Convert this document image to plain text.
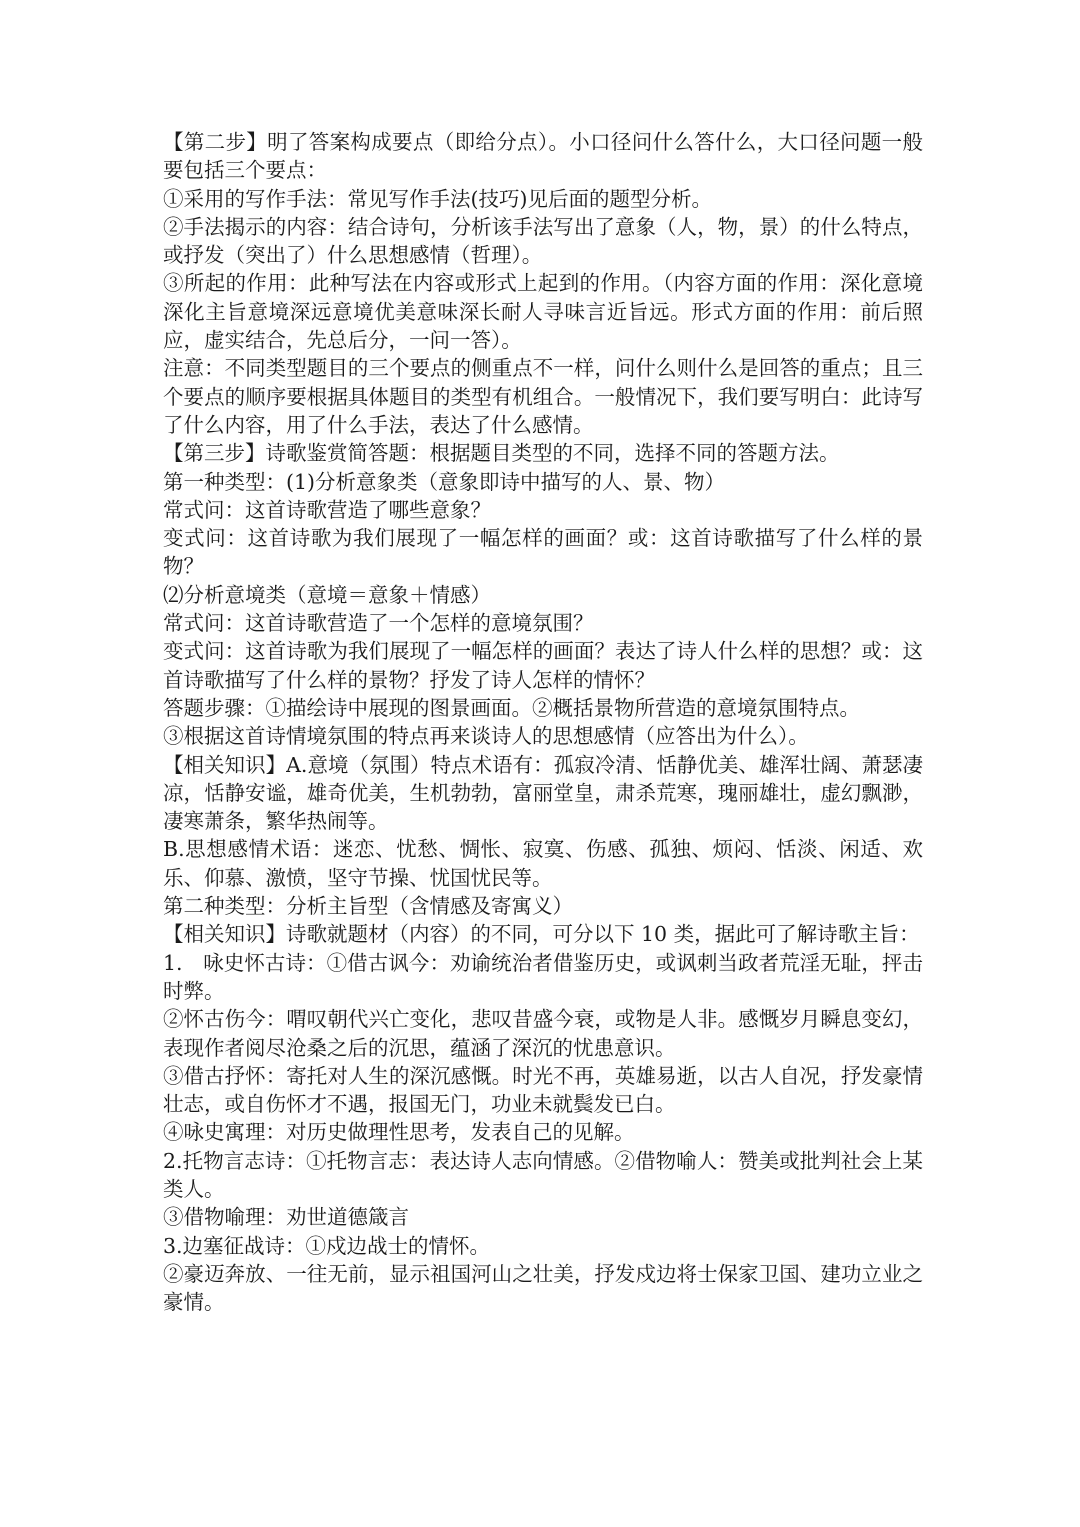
【第二步】明了答案构成要点（即给分点）。小口径问什么答什么，大口径问题一般要包括三个要点：

①采用的写作手法：常见写作手法(技巧)见后面的题型分析。

②手法揭示的内容：结合诗句，分析该手法写出了意象（人，物，景）的什么特点，或抒发（突出了）什么思想感情（哲理）。

③所起的作用：此种写法在内容或形式上起到的作用。（内容方面的作用：深化意境深化主旨意境深远意境优美意味深长耐人寻味言近旨远。形式方面的作用：前后照应，虚实结合，先总后分，一问一答）。

注意：不同类型题目的三个要点的侧重点不一样，问什么则什么是回答的重点；且三个要点的顺序要根据具体题目的类型有机组合。一般情况下，我们要写明白：此诗写了什么内容，用了什么手法，表达了什么感情。

【第三步】诗歌鉴赏简答题：根据题目类型的不同，选择不同的答题方法。

第一种类型：(1)分析意象类（意象即诗中描写的人、景、物）

常式问：这首诗歌营造了哪些意象？

变式问：这首诗歌为我们展现了一幅怎样的画面？或：这首诗歌描写了什么样的景物？

⑵分析意境类（意境＝意象＋情感）

常式问：这首诗歌营造了一个怎样的意境氛围？

变式问：这首诗歌为我们展现了一幅怎样的画面？表达了诗人什么样的思想？或：这首诗歌描写了什么样的景物？抒发了诗人怎样的情怀？

答题步骤：①描绘诗中展现的图景画面。②概括景物所营造的意境氛围特点。

③根据这首诗情境氛围的特点再来谈诗人的思想感情（应答出为什么）。

【相关知识】A.意境（氛围）特点术语有：孤寂冷清、恬静优美、雄浑壮阔、萧瑟凄凉，恬静安谧，雄奇优美，生机勃勃，富丽堂皇，肃杀荒寒，瑰丽雄壮，虚幻飘渺，凄寒萧条，繁华热闹等。

B.思想感情术语：迷恋、忧愁、惆怅、寂寞、伤感、孤独、烦闷、恬淡、闲适、欢乐、仰慕、激愤，坚守节操、忧国忧民等。

第二种类型：分析主旨型（含情感及寄寓义）

【相关知识】诗歌就题材（内容）的不同，可分以下 10 类，据此可了解诗歌主旨：

1.　咏史怀古诗：①借古讽今：劝谕统治者借鉴历史，或讽刺当政者荒淫无耻，抨击时弊。

②怀古伤今：喟叹朝代兴亡变化，悲叹昔盛今衰，或物是人非。感慨岁月瞬息变幻，表现作者阅尽沧桑之后的沉思，蕴涵了深沉的忧患意识。

③借古抒怀：寄托对人生的深沉感慨。时光不再，英雄易逝，以古人自况，抒发豪情壮志，或自伤怀才不遇，报国无门，功业未就鬓发已白。

④咏史寓理：对历史做理性思考，发表自己的见解。

2.托物言志诗：①托物言志：表达诗人志向情感。②借物喻人：赞美或批判社会上某类人。

③借物喻理：劝世道德箴言

3.边塞征战诗：①戍边战士的情怀。

②豪迈奔放、一往无前，显示祖国河山之壮美，抒发戍边将士保家卫国、建功立业之豪情。
